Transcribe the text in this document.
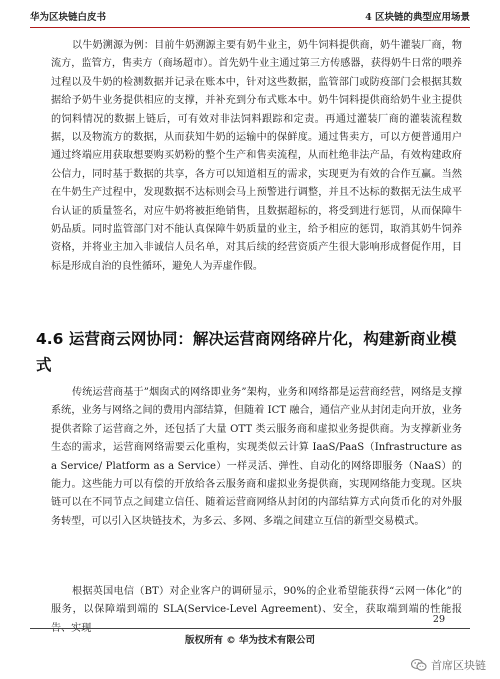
华为区块链白皮书	4 区块链的典型应用场景

以牛奶溯源为例：目前牛奶溯源主要有奶牛业主，奶牛饲料提供商，奶牛灌装厂商，物流方，监管方，售卖方（商场超市）。首先奶牛业主通过第三方传感器，获得奶牛日常的喂养过程以及牛奶的检测数据并记录在账本中，针对这些数据，监管部门或防疫部门会根据其数据给予奶牛业务提供相应的支撑，并补充到分布式账本中。奶牛饲料提供商给奶牛业主提供的饲料情况的数据上链后，可有效对非法饲料跟踪和定责。再通过灌装厂商的灌装流程数据，以及物流方的数据，从而获知牛奶的运输中的保鲜度。通过售卖方，可以方便普通用户通过终端应用获取想要购买奶粉的整个生产和售卖流程，从而杜绝非法产品，有效构建政府公信力，同时基于数据的共享，各方可以知道相互的需求，实现更为有效的合作互赢。当然在牛奶生产过程中，发现数据不达标则会马上预警进行调整，并且不达标的数据无法生成平台认证的质量签名，对应牛奶将被拒绝销售，且数据超标的，将受到进行惩罚，从而保障牛奶品质。同时监管部门对不能认真保障牛奶质量的业主，给予相应的惩罚，取消其奶牛饲养资格，并将业主加入非诚信人员名单，对其后续的经营资质产生很大影响形成督促作用，目标是形成自治的良性循环，避免人为弄虚作假。

4.6 运营商云网协同：解决运营商网络碎片化，构建新商业模式

传统运营商基于”烟囱式的网络即业务”架构，业务和网络都是运营商经营，网络是支撑系统，业务与网络之间的费用内部结算，但随着 ICT 融合，通信产业从封闭走向开放，业务提供者除了运营商之外，还包括了大量 OTT 类云服务商和虚拟业务提供商。为支撑新业务生态的需求，运营商网络需要云化重构，实现类似云计算 IaaS/PaaS（Infrastructure as a Service/ Platform as a Service）一样灵活、弹性、自动化的网络即服务（NaaS）的能力。这些能力可以有偿的开放给各云服务商和虚拟业务提供商，实现网络能力变现。区块链可以在不同节点之间建立信任、随着运营商网络从封闭的内部结算方式向货币化的对外服务转型，可以引入区块链技术，为多云、多网、多端之间建立互信的新型交易模式。

根据英国电信（BT）对企业客户的调研显示，90%的企业希望能获得“云网一体化”的服务，以保障端到端的 SLA(Service-Level Agreement)、安全，获取端到端的性能报告、实现

29
版权所有 © 华为技术有限公司
首席区块链
